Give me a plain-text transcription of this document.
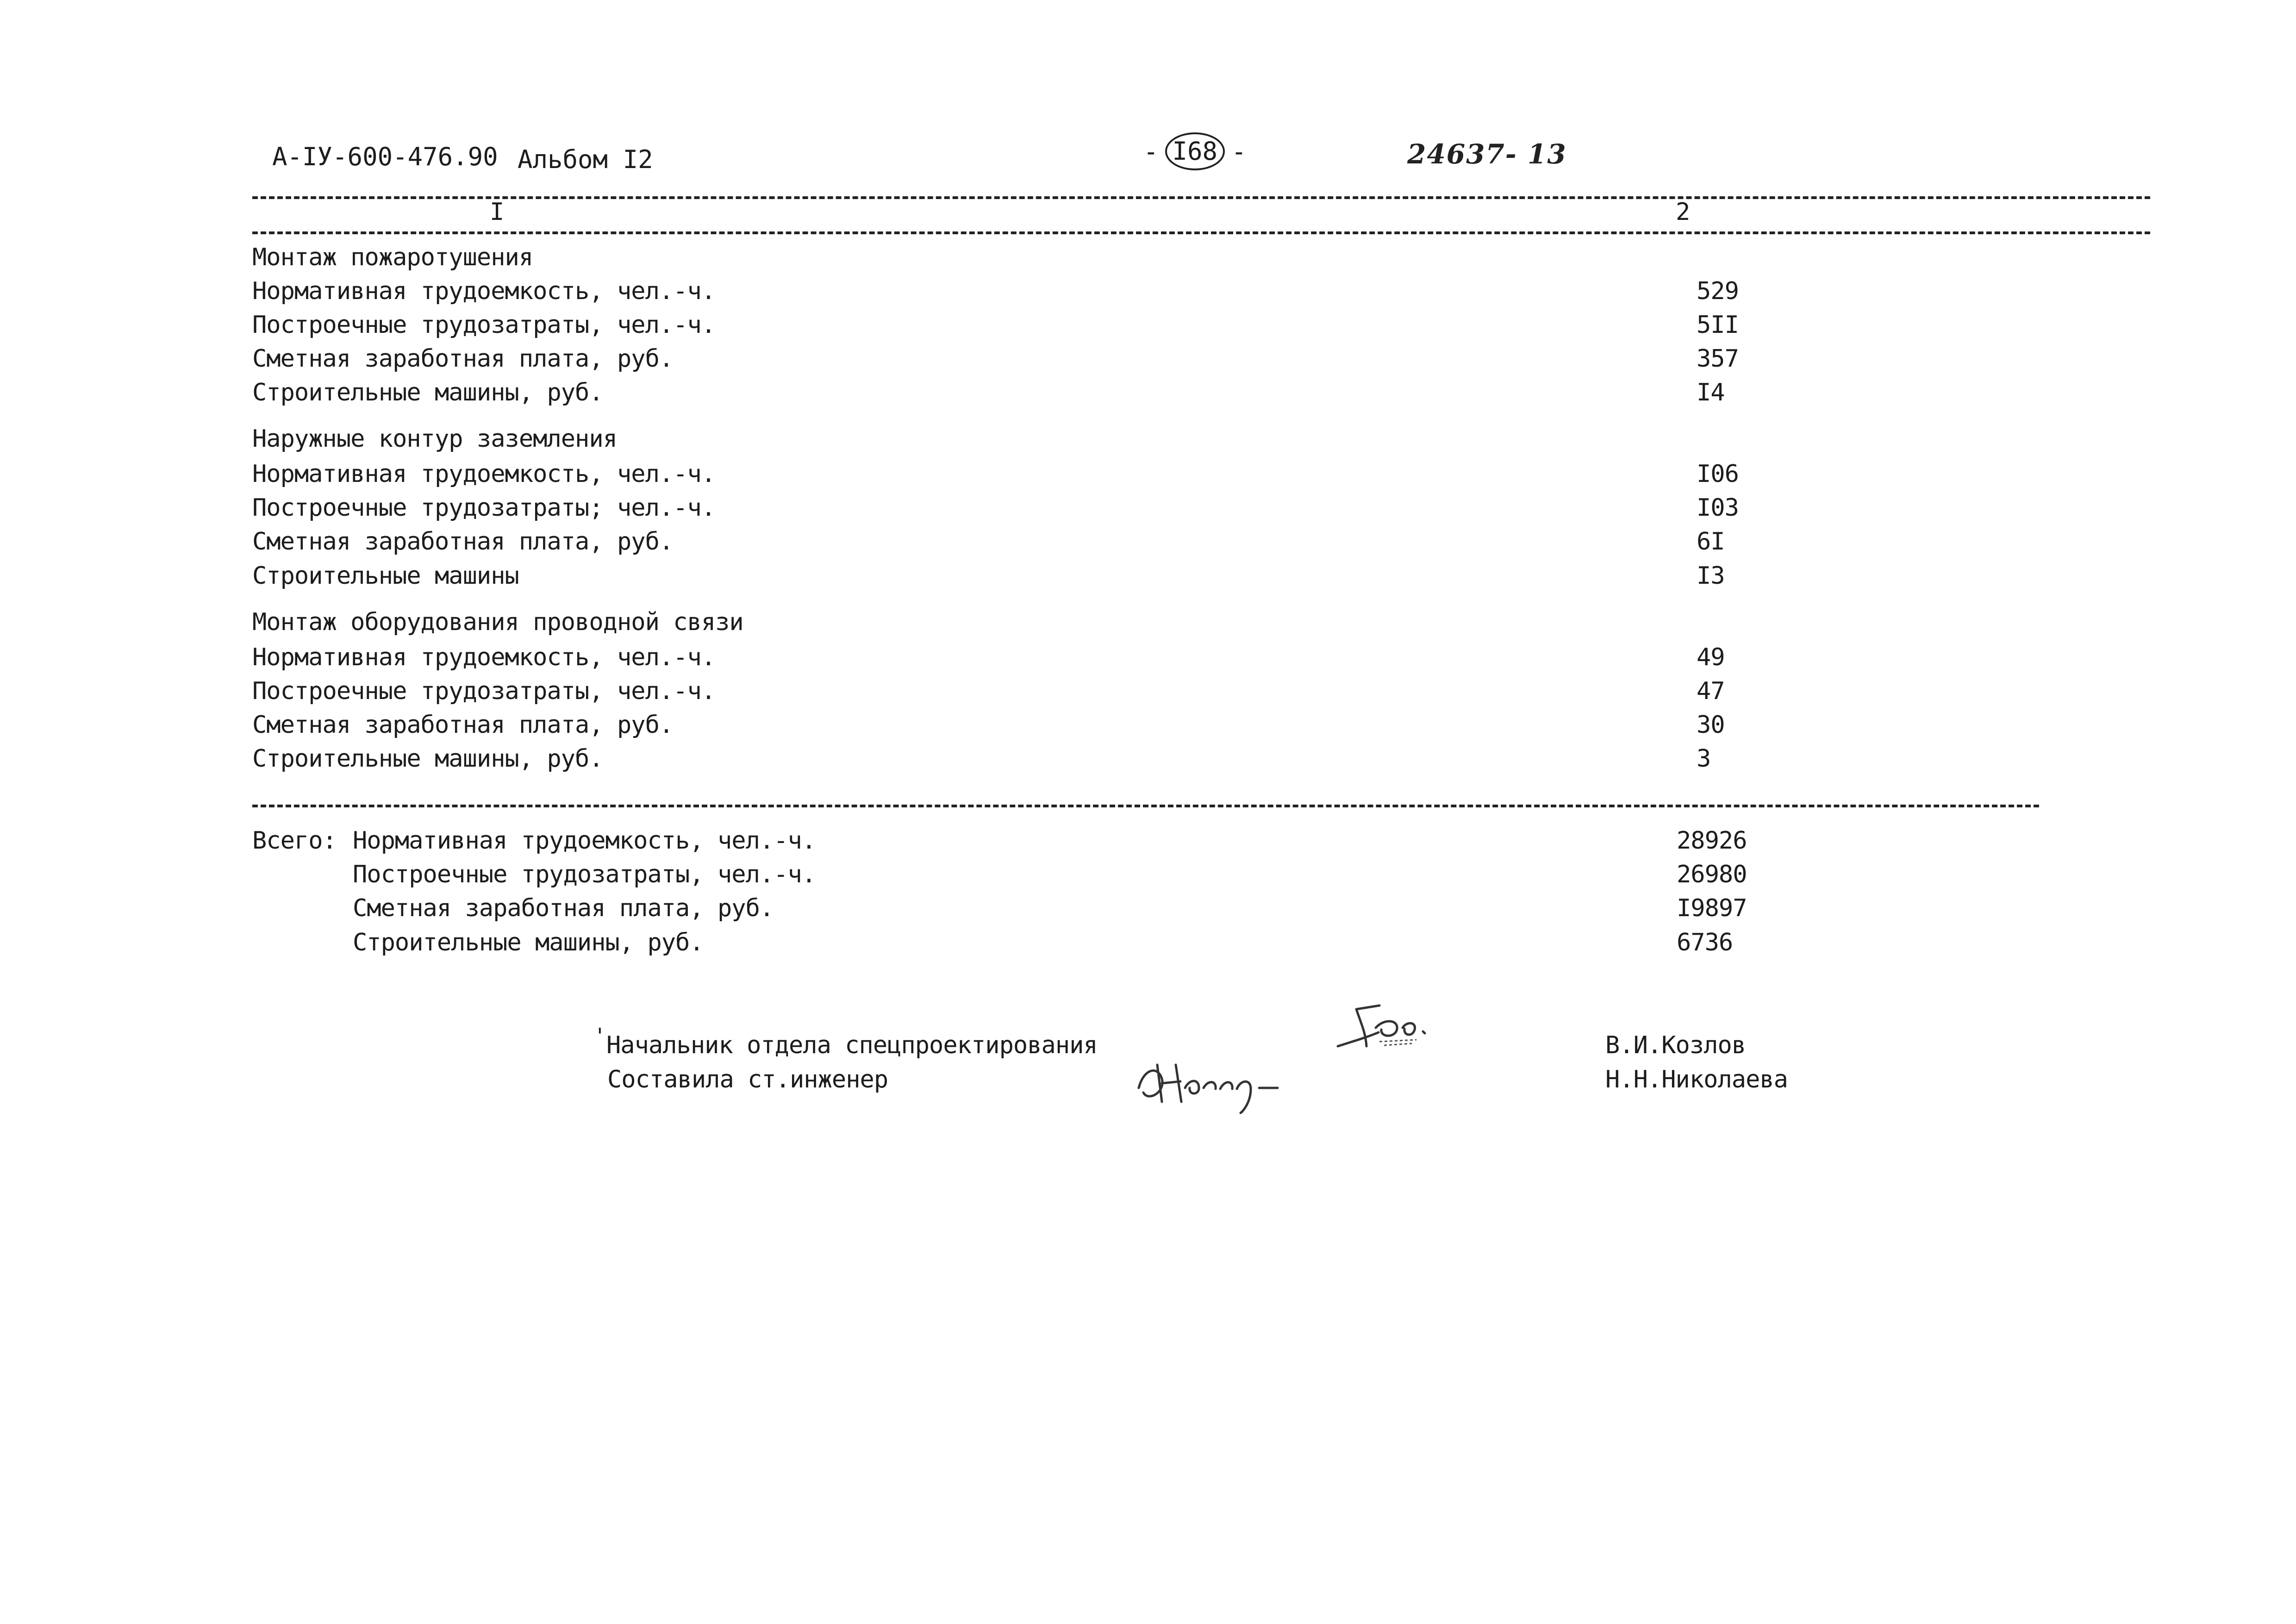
А-IУ-600-476.90 Альбом I2	- I68 -	24637- 13
I	2
Монтаж пожаротушения
Нормативная трудоемкость, чел.-ч.	529
Построечные трудозатраты, чел.-ч.	5II
Сметная заработная плата, руб.	357
Строительные машины, руб.	I4
Наружные контур заземления
Нормативная трудоемкость, чел.-ч.	I06
Построечные трудозатраты; чел.-ч.	I03
Сметная заработная плата, руб.	6I
Строительные машины	I3
Монтаж оборудования проводной связи
Нормативная трудоемкость, чел.-ч.	49
Построечные трудозатраты, чел.-ч.	47
Сметная заработная плата, руб.	30
Строительные машины, руб.	3
Всего: Нормативная трудоемкость, чел.-ч.	28926
Построечные трудозатраты, чел.-ч.	26980
Сметная заработная плата, руб.	I9897
Строительные машины, руб.	6736
' Начальник отдела спецпроектирования	В.И.Козлов
Составила ст.инженер	Н.Н.Николаева
